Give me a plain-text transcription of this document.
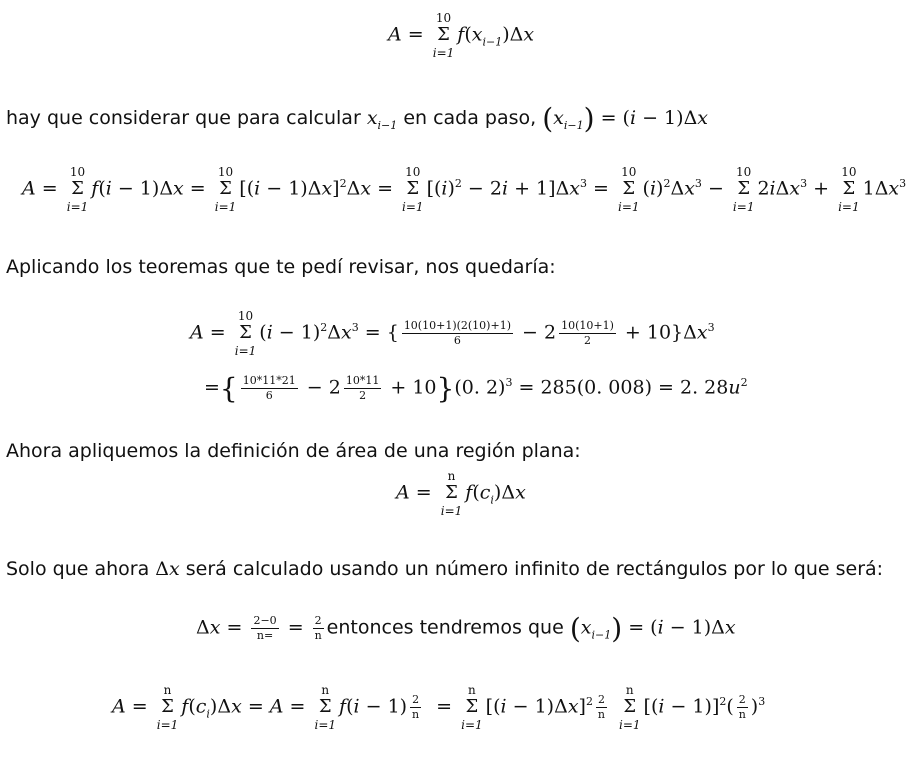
A =
10
Σ
i=1
$f(x_{i-1})\Delta x$
hay que considerar que para calcular $x_{i-1}$ en cada paso, $(x_{i-1}) = (i - 1)\Delta x$
A =
10
Σ
i=1
f(i − 1)Δx =
10
Σ
i=1
$[(i - 1)\Delta x]^2\Delta x$ =
10
Σ
i=1
$[(i)^2 - 2i + 1]\Delta x^3$ =
10
Σ
i=1
$(i)^2\Delta x^3$ −
10
Σ
i=1
2iΔx$^3$ +
10
Σ
i=1
$1\Delta x^3$
Aplicando los teoremas que te pedí revisar, nos quedaría:
A =
10
Σ
i=1
$(i - 1)^2\Delta x^3$ = { $\frac{10(10+1)(2(10)+1)}{6} - 2 \frac{10(10+1)}{2} + 10\}\Delta x^3$
={ $\frac{10*11*21}{6} - 2 \frac{10*11}{2} + 10\}(0$. 2)$^3$ = 285(0. 008) = 2. $28u^2$
Ahora apliquemos la definición de área de una región plana:
A =
n
Σ
i=1
$f(c_i)\Delta x$
Solo que ahora Δx será calculado usando un número infinito de rectángulos por lo que será:
$\Delta x = \frac{2-0}{n=} = \frac{2}{n}$ entonces tendremos que $(x_{i-1}) = (i - 1)\Delta x$
A =
n
Σ
i=1
$f(c_i)\Delta x = A$ =
n
Σ
i=1
$f(i - 1) \frac{2}{n}$ =
n
Σ
i=1
$[(i - 1)\Delta x]^2 \frac{2}{n}$

n
Σ
i=1
$[(i - 1)]^2( \frac{2}{n} )^3$
